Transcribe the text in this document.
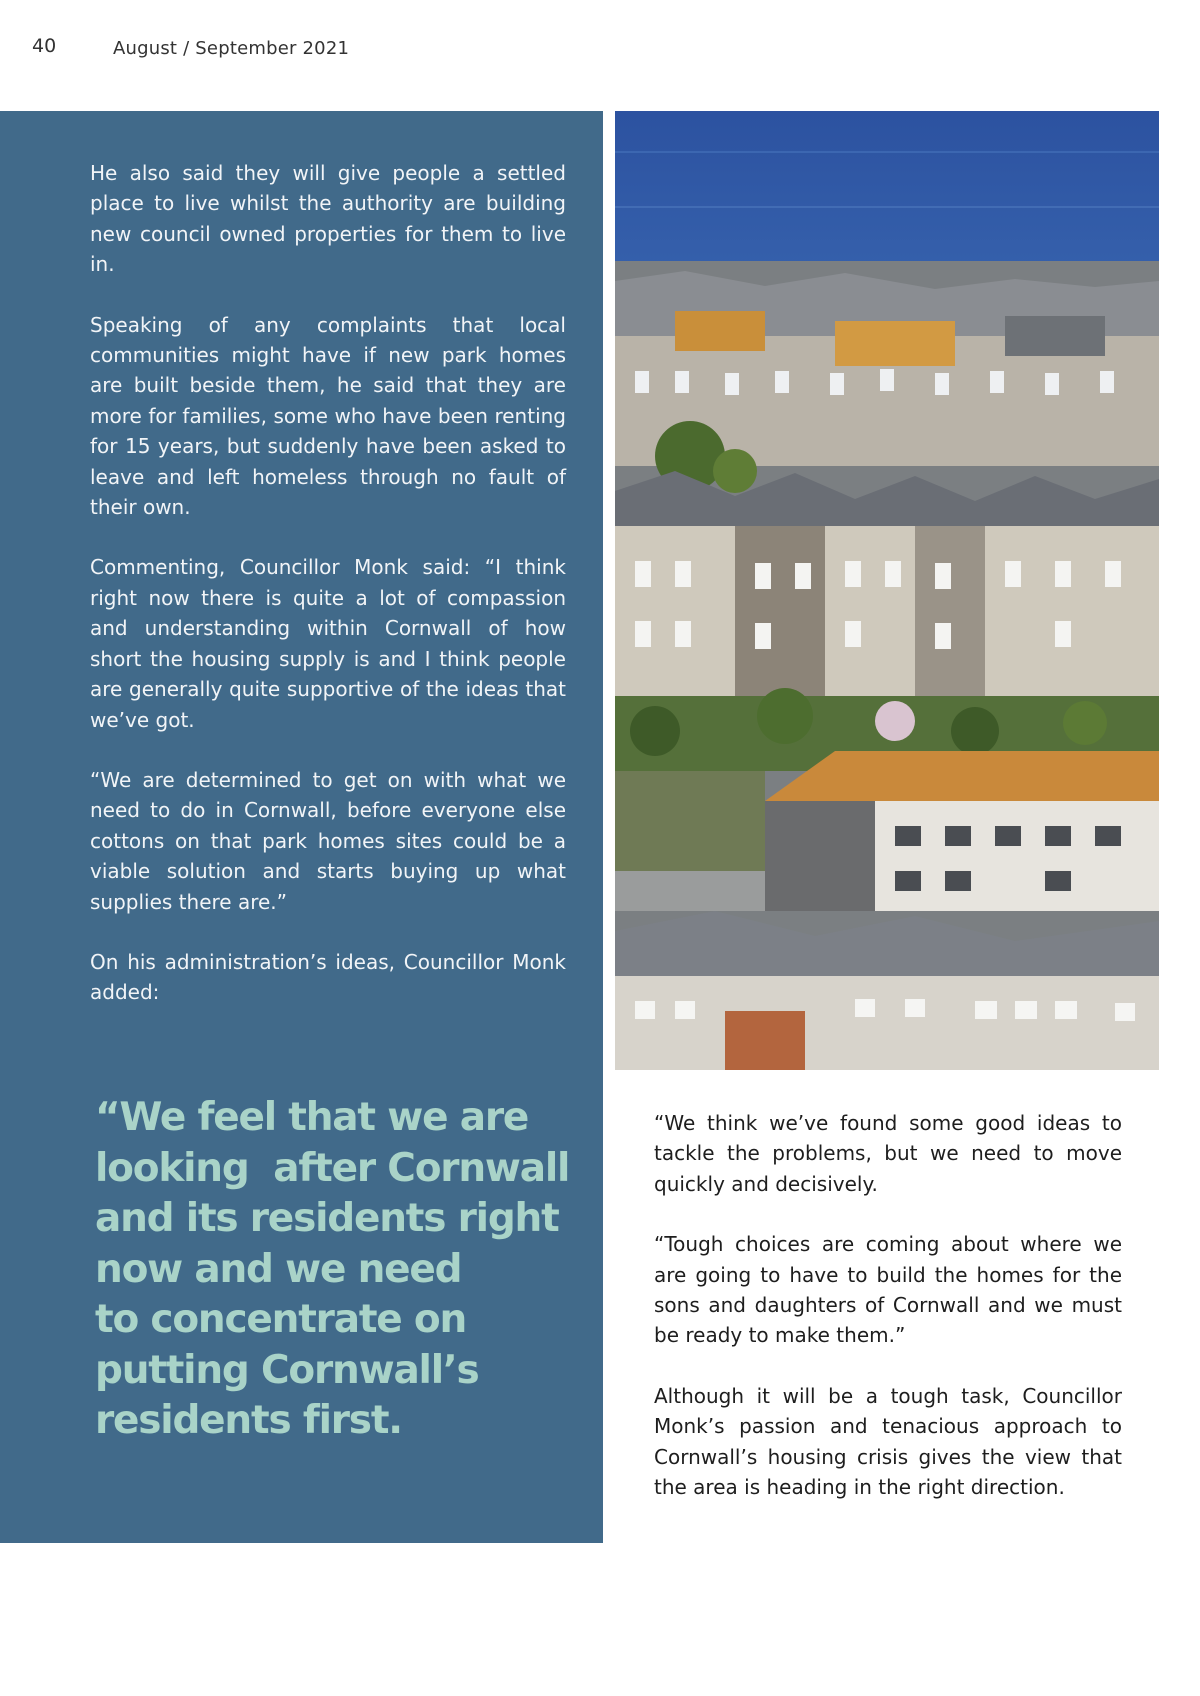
40	August / September 2021

He also said they will give people a settled place to live whilst the authority are building new council owned properties for them to live in.

Speaking of any complaints that local communities might have if new park homes are built beside them, he said that they are more for families, some who have been renting for 15 years, but suddenly have been asked to leave and left homeless through no fault of their own.

Commenting, Councillor Monk said: “I think right now there is quite a lot of compassion and understanding within Cornwall of how short the housing supply is and I think people are generally quite supportive of the ideas that we’ve got.

“We are determined to get on with what we need to do in Cornwall, before everyone else cottons on that park homes sites could be a viable solution and starts buying up what supplies there are.”

On his administration’s ideas, Councillor Monk added:

“We feel that we are
looking  after Cornwall
and its residents right
now and we need
to concentrate on
putting Cornwall’s
residents first.

“We think we’ve found some good ideas to tackle the problems, but we need to move quickly and decisively.

“Tough choices are coming about where we are going to have to build the homes for the sons and daughters of Cornwall and we must be ready to make them.”

Although it will be a tough task, Councillor Monk’s passion and tenacious approach to Cornwall’s housing crisis gives the view that the area is heading in the right direction.
